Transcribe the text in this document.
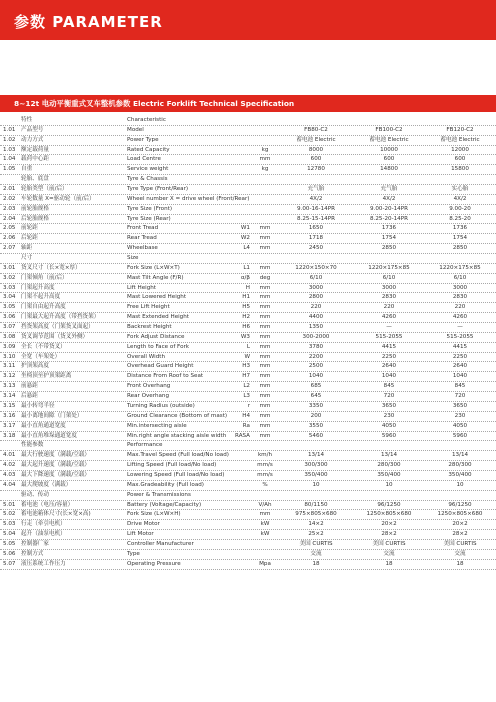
参数 PARAMETER
8~12t 电动平衡重式叉车整机参数 Electric Forklift Technical Specification
特性	Characteristic
1.01 产品型号	Model	FB80-C2	FB100-C2	FB120-C2
1.02 动力方式	Power Type	蓄电池 Electric	蓄电池 Electric	蓄电池 Electric
1.03 额定载荷量	Rated Capacity	kg	8000	10000	12000
1.04 载荷中心距	Load Centre	mm	600	600	600
1.05 自重	Service weight	kg	12780	14800	15800
轮胎、底盘	Tyre & Chassis
2.01 轮胎类型（前/后）	Tyre Type (Front/Rear)	充气胎	充气胎	实心胎
2.02 车轮数量 X=驱动轮（前/后）	Wheel number X = drive wheel (Front/Rear)	4X/2	4X/2	4X/2
2.03 前轮胎规格	Tyre Size (Front)	9.00-16-14PR	9.00-20-14PR	9.00-20
2.04 后轮胎规格	Tyre Size (Rear)	8.25-15-14PR	8.25-20-14PR	8.25-20
2.05 前轮距	Front Tread	W1	mm	1650	1736	1736
2.06 后轮距	Rear Tread	W2	mm	1718	1754	1754
2.07 轴距	Wheelbase	L4	mm	2450	2850	2850
尺寸	Size
3.01 货叉尺寸（长×宽×厚）	Fork Size (L×W×T)	L1	mm	1220×150×70	1220×175×85	1220×175×85
3.02 门架倾角（前/后）	Mast Tilt Angle (F/R)	α/β	deg	6/10	6/10	6/10
3.03 门架起升高度	Lift Height	H	mm	3000	3000	3000
3.04 门架不起升高度	Mast Lowered Height	H1	mm	2800	2830	2830
3.05 门架自由起升高度	Free Lift Height	H5	mm	220	220	220
3.06 门架最大起升高度（带挡货架）	Mast Extended Height	H2	mm	4400	4260	4260
3.07 挡货架高度（门架货叉面起）	Backrest Height	H6	mm	1350	—	—
3.08 货叉调节范围（货叉外侧）	Fork Adjust Distance	W3	mm	300-2000	515-2055	515-2055
3.09 全长（不带货叉）	Length to Face of Fork	L	mm	3780	4415	4415
3.10 全宽（车架处）	Overall Width	W	mm	2200	2250	2250
3.11 护顶架高度	Overhead Guard Height	H3	mm	2500	2640	2640
3.12 坐椅顶至护顶架距离	Distance From Roof to Seat	H7	mm	1040	1040	1040
3.13 前悬距	Front Overhang	L2	mm	685	845	845
3.14 后悬距	Rear Overhang	L3	mm	645	720	720
3.15 最小转弯半径	Turning Radius (outside)	r	mm	3350	3650	3650
3.16 最小离地间隙（门架处）	Ground Clearance (Bottom of mast)	H4	mm	200	230	230
3.17 最小直角通道宽度	Min.intersecting aisle	Ra	mm	3550	4050	4050
3.18 最小直角堆垛通道宽度	Min.right angle stacking aisle width	RASA	mm	5460	5960	5960
性能参数	Performance
4.01 最大行驶速度（满载/空载）	Max.Travel Speed (Full load/No load)	km/h	13/14	13/14	13/14
4.02 最大起升速度（满载/空载）	Lifting Speed (Full load/No load)	mm/s	300/300	280/300	280/300
4.03 最大下降速度（满载/空载）	Lowering Speed (Full load/No load)	mm/s	350/400	350/400	350/400
4.04 最大爬坡度（满载）	Max.Gradeability (Full load)	%	10	10	10
驱动、传动	Power & Transmissions
5.01 蓄电池（电压/容量）	Battery (Voltage/Capacity)	V/Ah	80/1150	96/1250	96/1250
5.02 蓄电池箱体尺寸(长×宽×高)	Fork Size (L×W×H)	mm	975×805×680	1250×805×680	1250×805×680
5.03 行走（牵引电机）	Drive Motor	kW	14×2	20×2	20×2
5.04 起升（油泵电机）	Lift Motor	kW	25×2	28×2	28×2
5.05 控制器厂家	Controller Manufacturer	美国 CURTIS	美国 CURTIS	美国 CURTIS
5.06 控制方式	Type	交流	交流	交流
5.07 液压系统工作压力	Operating Pressure	Mpa	18	18	18
